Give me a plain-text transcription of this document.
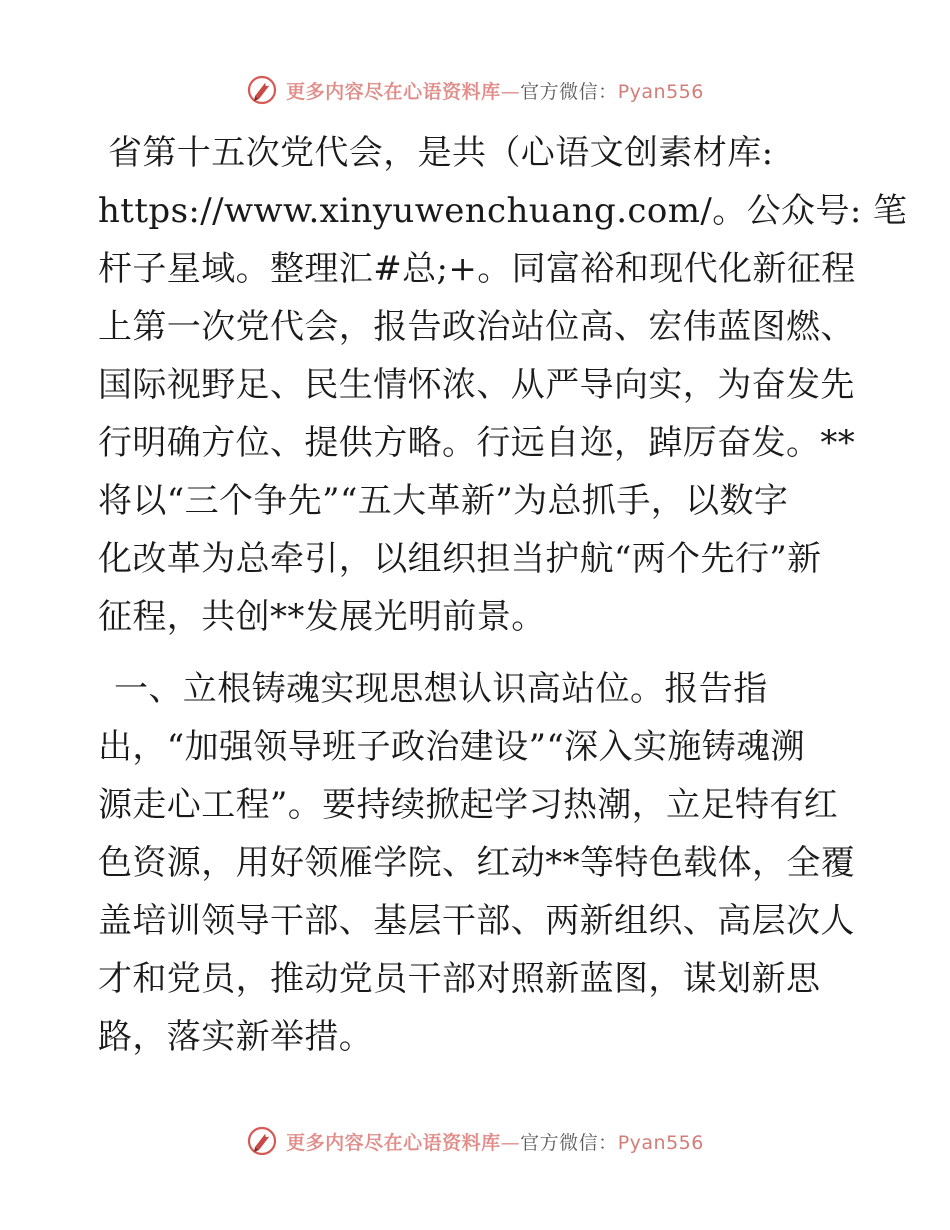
更多内容尽在心语资料库—官方微信：Pyan556

省第十五次党代会，是共（心语文创素材库:
https://www.xinyuwenchuang.com/。公众号: 笔
杆子星域。整理汇#总;+。同富裕和现代化新征程
上第一次党代会，报告政治站位高、宏伟蓝图燃、
国际视野足、民生情怀浓、从严导向实，为奋发先
行明确方位、提供方略。行远自迩，踔厉奋发。**
将以“三个争先”“五大革新”为总抓手，以数字
化改革为总牵引，以组织担当护航“两个先行”新
征程，共创**发展光明前景。

一、立根铸魂实现思想认识高站位。报告指
出，“加强领导班子政治建设”“深入实施铸魂溯
源走心工程”。要持续掀起学习热潮，立足特有红
色资源，用好领雁学院、红动**等特色载体，全覆
盖培训领导干部、基层干部、两新组织、高层次人
才和党员，推动党员干部对照新蓝图，谋划新思
路，落实新举措。

更多内容尽在心语资料库—官方微信：Pyan556
